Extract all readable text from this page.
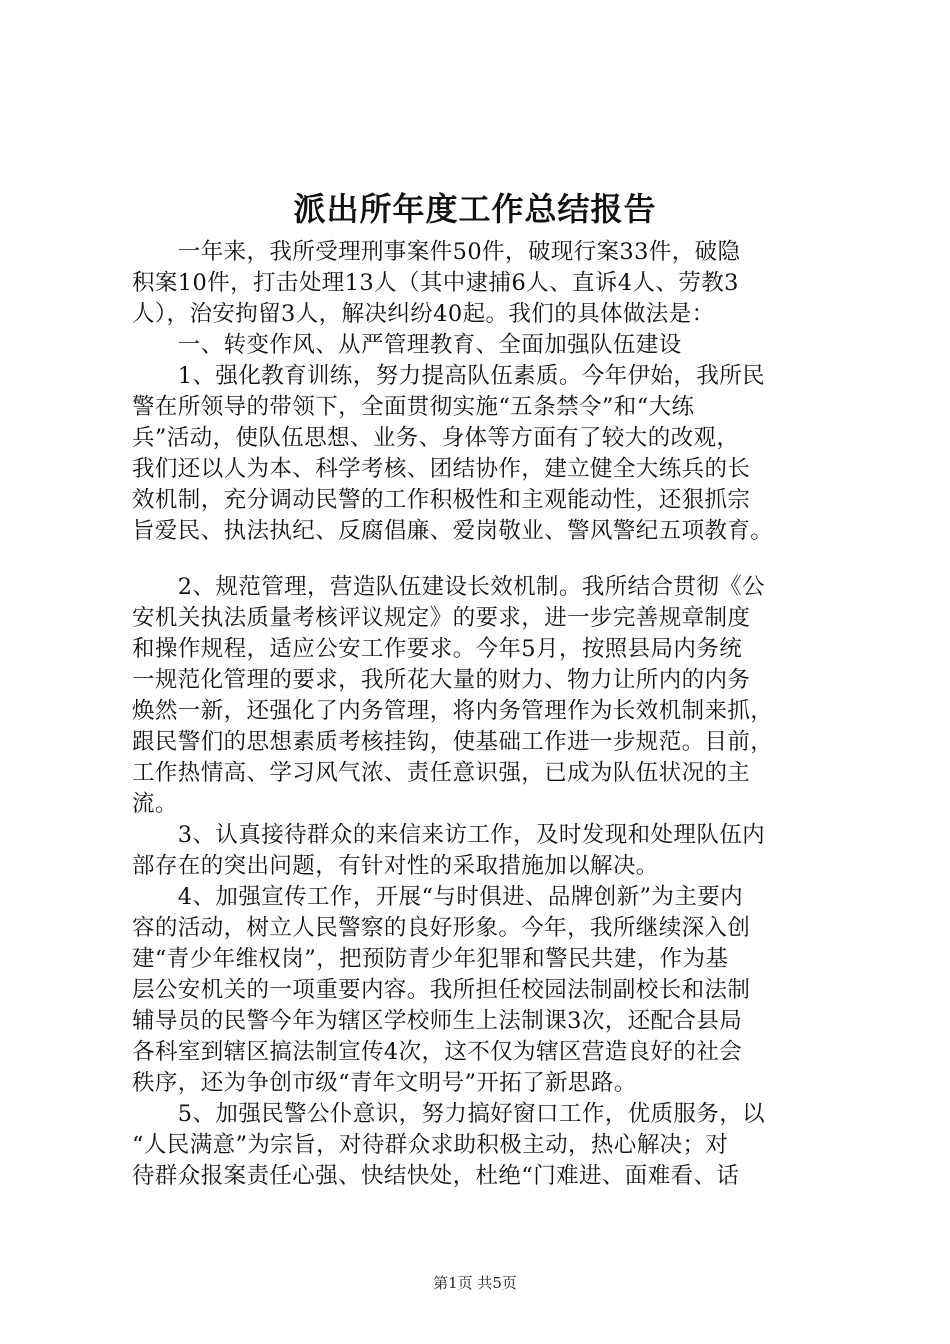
派出所年度工作总结报告
　　一年来，我所受理刑事案件50件，破现行案33件，破隐
积案10件，打击处理13人（其中逮捕6人、直诉4人、劳教3
人），治安拘留3人，解决纠纷40起。我们的具体做法是：
　　一、转变作风、从严管理教育、全面加强队伍建设
　　1、强化教育训练，努力提高队伍素质。今年伊始，我所民
警在所领导的带领下，全面贯彻实施“五条禁令”和“大练
兵”活动，使队伍思想、业务、身体等方面有了较大的改观，
我们还以人为本、科学考核、团结协作，建立健全大练兵的长
效机制，充分调动民警的工作积极性和主观能动性，还狠抓宗
旨爱民、执法执纪、反腐倡廉、爱岗敬业、警风警纪五项教育。
　　2、规范管理，营造队伍建设长效机制。我所结合贯彻《公
安机关执法质量考核评议规定》的要求，进一步完善规章制度
和操作规程，适应公安工作要求。今年5月，按照县局内务统
一规范化管理的要求，我所花大量的财力、物力让所内的内务
焕然一新，还强化了内务管理，将内务管理作为长效机制来抓，
跟民警们的思想素质考核挂钩，使基础工作进一步规范。目前，
工作热情高、学习风气浓、责任意识强，已成为队伍状况的主
流。
　　3、认真接待群众的来信来访工作，及时发现和处理队伍内
部存在的突出问题，有针对性的采取措施加以解决。
　　4、加强宣传工作，开展“与时俱进、品牌创新”为主要内
容的活动，树立人民警察的良好形象。今年，我所继续深入创
建“青少年维权岗”，把预防青少年犯罪和警民共建，作为基
层公安机关的一项重要内容。我所担任校园法制副校长和法制
辅导员的民警今年为辖区学校师生上法制课3次，还配合县局
各科室到辖区搞法制宣传4次，这不仅为辖区营造良好的社会
秩序，还为争创市级“青年文明号”开拓了新思路。
　　5、加强民警公仆意识，努力搞好窗口工作，优质服务，以
“人民满意”为宗旨，对待群众求助积极主动，热心解决；对
待群众报案责任心强、快结快处，杜绝“门难进、面难看、话
第1页 共5页
